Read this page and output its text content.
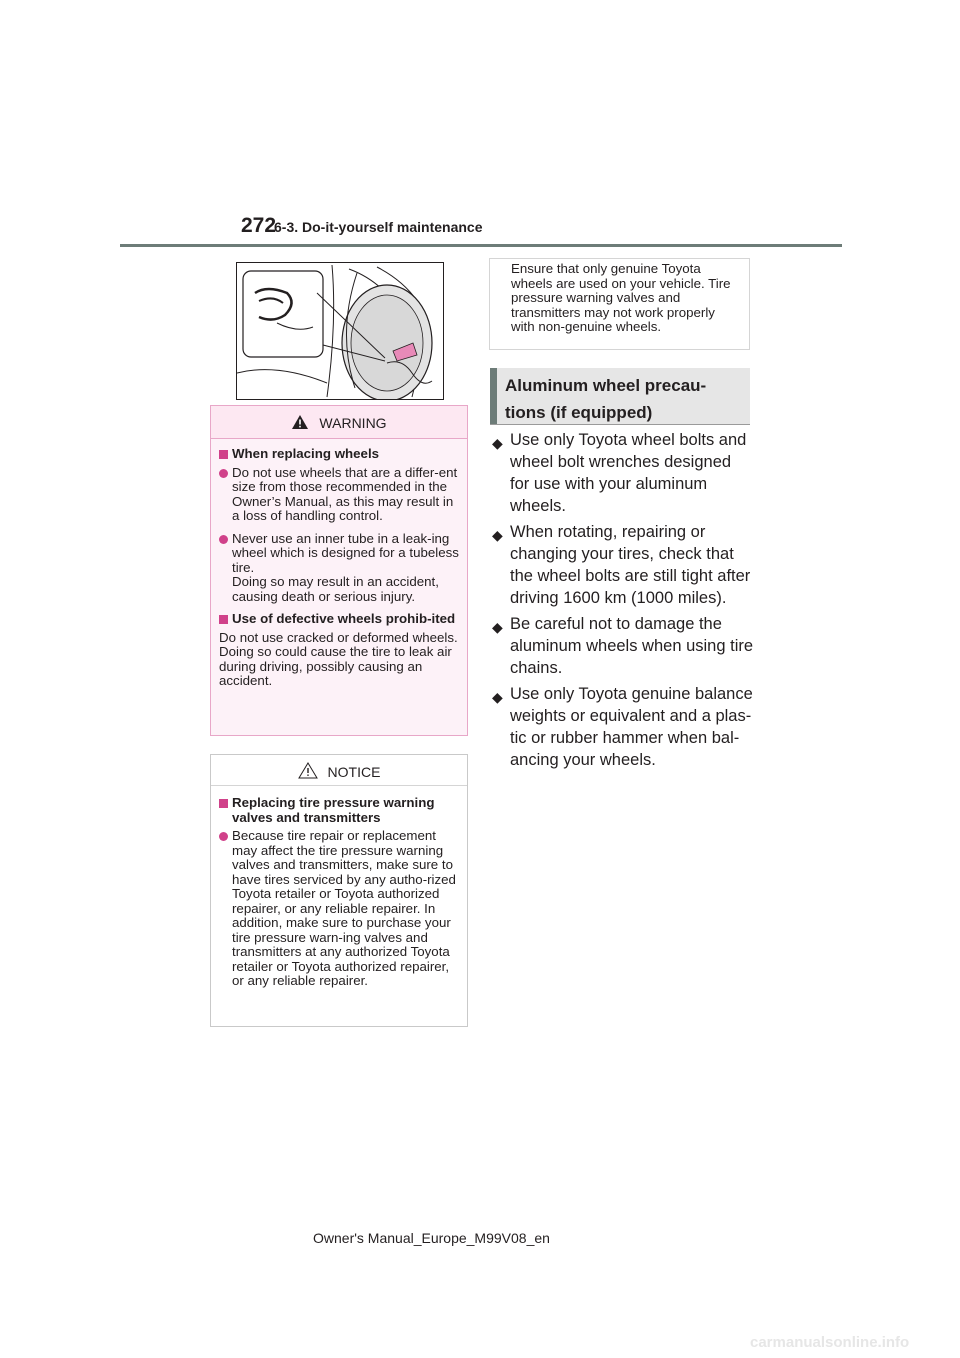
272
6-3. Do-it-yourself maintenance
WARNING
When replacing wheels
Do not use wheels that are a differ-ent size from those recommended in the Owner’s Manual, as this may result in a loss of handling control.
Never use an inner tube in a leak-ing wheel which is designed for a tubeless tire.
Doing so may result in an accident, causing death or serious injury.
Use of defective wheels prohib-ited
Do not use cracked or deformed wheels. Doing so could cause the tire to leak air during driving, possibly causing an accident.
NOTICE
Replacing tire pressure warning valves and transmitters
Because tire repair or replacement may affect the tire pressure warning valves and transmitters, make sure to have tires serviced by any autho-rized Toyota retailer or Toyota authorized repairer, or any reliable repairer. In addition, make sure to purchase your tire pressure warn-ing valves and transmitters at any authorized Toyota retailer or Toyota authorized repairer, or any reliable repairer.
Ensure that only genuine Toyota wheels are used on your vehicle. Tire pressure warning valves and transmitters may not work properly with non-genuine wheels.
Aluminum wheel precau-
tions (if equipped)
◆ Use only Toyota wheel bolts and wheel bolt wrenches designed for use with your aluminum wheels.
◆ When rotating, repairing or changing your tires, check that the wheel bolts are still tight after driving 1600 km (1000 miles).
◆ Be careful not to damage the aluminum wheels when using tire chains.
◆ Use only Toyota genuine balance weights or equivalent and a plas-tic or rubber hammer when bal-ancing your wheels.
Owner's Manual_Europe_M99V08_en
carmanualsonline.info
